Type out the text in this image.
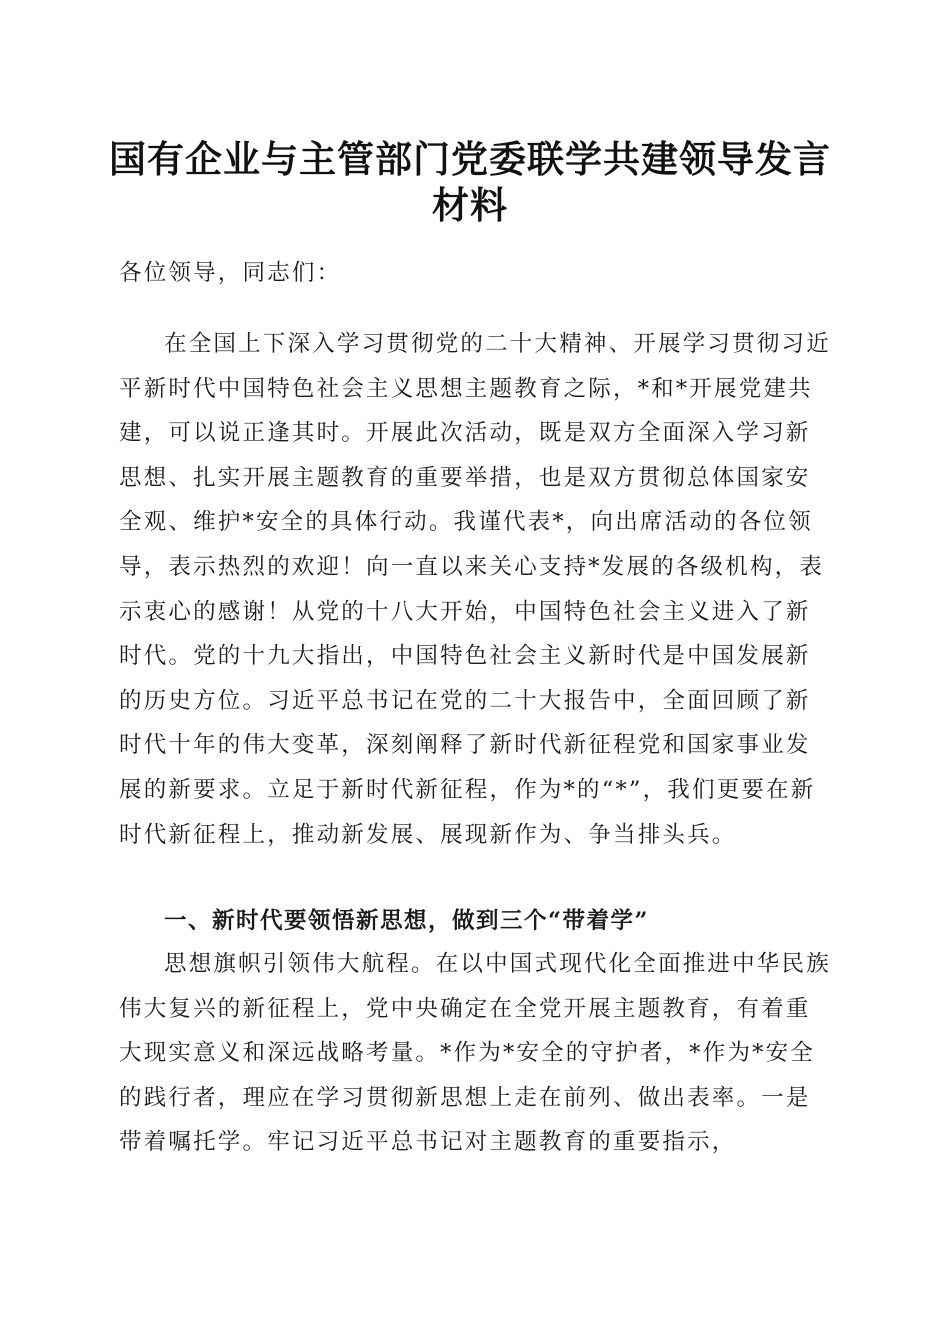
国有企业与主管部门党委联学共建领导发言材料
各位领导，同志们：

在全国上下深入学习贯彻党的二十大精神、开展学习贯彻习近平新时代中国特色社会主义思想主题教育之际，*和*开展党建共建，可以说正逢其时。开展此次活动，既是双方全面深入学习新思想、扎实开展主题教育的重要举措，也是双方贯彻总体国家安全观、维护*安全的具体行动。我谨代表*，向出席活动的各位领导，表示热烈的欢迎！向一直以来关心支持*发展的各级机构，表示衷心的感谢！从党的十八大开始，中国特色社会主义进入了新时代。党的十九大指出，中国特色社会主义新时代是中国发展新的历史方位。习近平总书记在党的二十大报告中，全面回顾了新时代十年的伟大变革，深刻阐释了新时代新征程党和国家事业发展的新要求。立足于新时代新征程，作为*的“*”，我们更要在新时代新征程上，推动新发展、展现新作为、争当排头兵。

一、新时代要领悟新思想，做到三个“带着学”

思想旗帜引领伟大航程。在以中国式现代化全面推进中华民族伟大复兴的新征程上，党中央确定在全党开展主题教育，有着重大现实意义和深远战略考量。*作为*安全的守护者，*作为*安全的践行者，理应在学习贯彻新思想上走在前列、做出表率。一是带着嘱托学。牢记习近平总书记对主题教育的重要指示，
